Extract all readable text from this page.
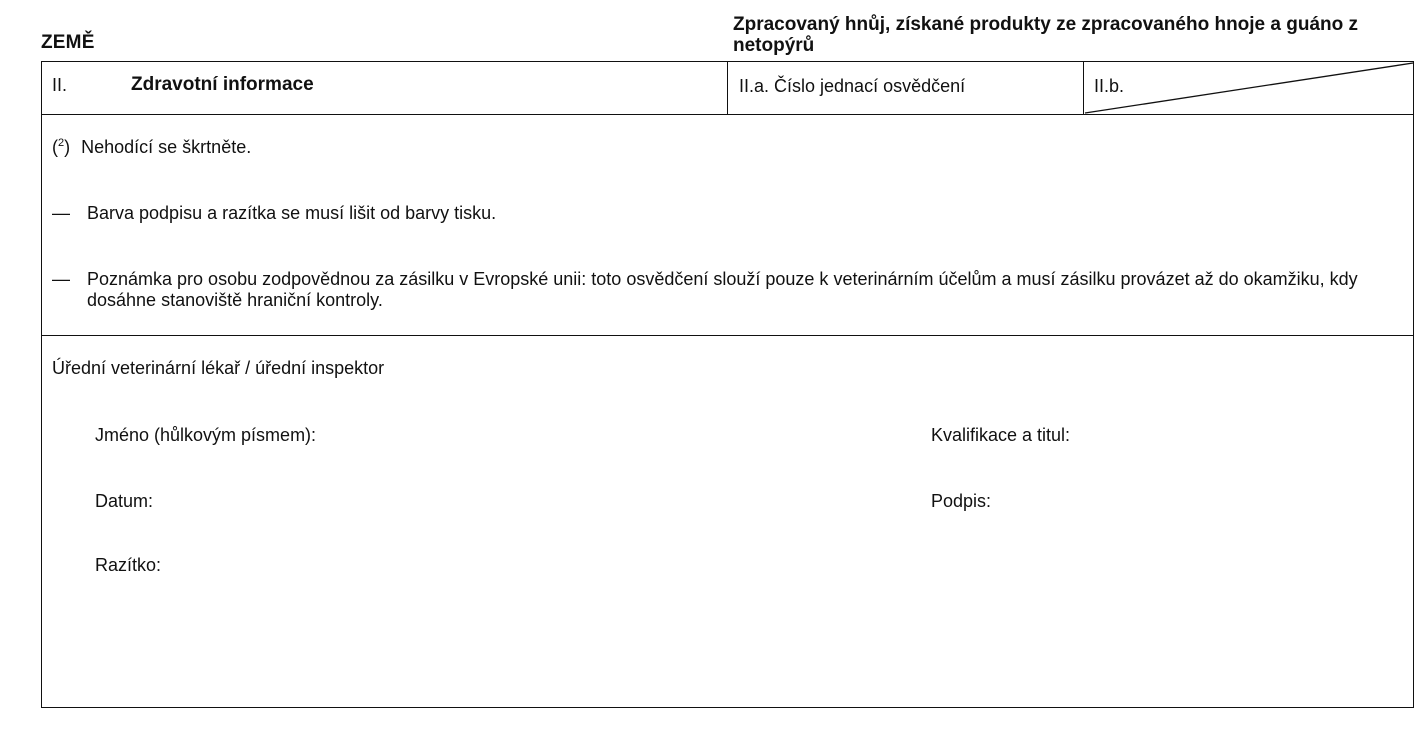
ZEMĚ
Zpracovaný hnůj, získané produkty ze zpracovaného hnoje a guáno z netopýrů
II.	Zdravotní informace	II.a. Číslo jednací osvědčení	II.b.
($^2$) Nehodící se škrtněte.
— Barva podpisu a razítka se musí lišit od barvy tisku.
— Poznámka pro osobu zodpovědnou za zásilku v Evropské unii: toto osvědčení slouží pouze k veterinárním účelům a musí zásilku provázet až do okamžiku, kdy dosáhne stanoviště hraniční kontroly.
Úřední veterinární lékař / úřední inspektor
Jméno (hůlkovým písmem):	Kvalifikace a titul:
Datum:	Podpis:
Razítko:
